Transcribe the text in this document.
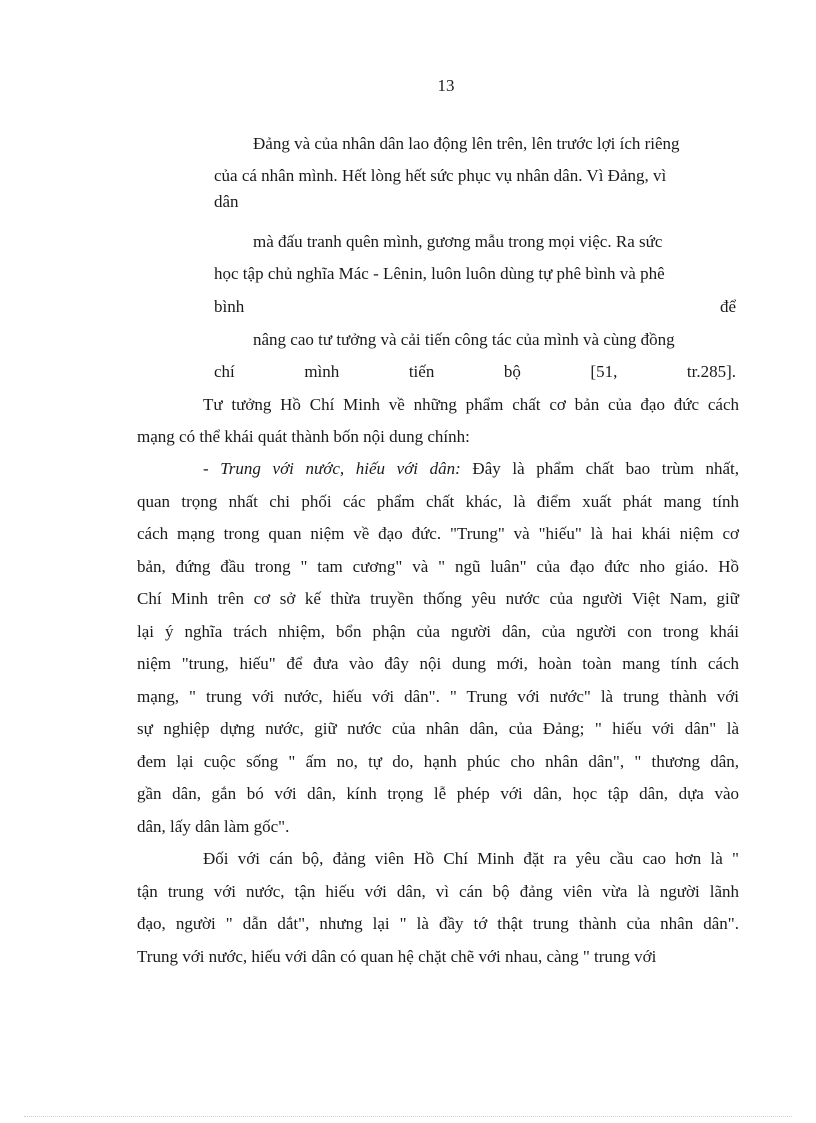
13
Đảng và của nhân dân lao động lên trên, lên trước lợi ích riêng
của cá nhân mình. Hết lòng hết sức phục vụ nhân dân. Vì Đảng, vì
dân
mà đấu tranh quên mình, gương mẫu trong mọi việc. Ra sức
học tập chủ nghĩa Mác - Lênin, luôn luôn dùng tự phê bình và phê
bình	để
nâng cao tư tưởng và cải tiến công tác của mình và cùng đồng
chí	mình	tiến	bộ	[51,	tr.285].
Tư tưởng Hồ Chí Minh về những phẩm chất cơ bản của đạo đức cách
mạng có thể khái quát thành bốn nội dung chính:
- Trung với nước, hiếu với dân: Đây là phẩm chất bao trùm nhất,
quan trọng nhất chi phối các phẩm chất khác, là điểm xuất phát mang tính
cách mạng trong quan niệm về đạo đức. "Trung" và "hiếu" là hai khái niệm cơ
bản, đứng đầu trong " tam cương" và " ngũ luân" của đạo đức nho giáo. Hồ
Chí Minh trên cơ sở kế thừa truyền thống yêu nước của người Việt Nam, giữ
lại ý nghĩa trách nhiệm, bổn phận của người dân, của người con trong khái
niệm "trung, hiếu" để đưa vào đây nội dung mới, hoàn toàn mang tính cách
mạng, " trung với nước, hiếu với dân". " Trung với nước" là trung thành với
sự nghiệp dựng nước, giữ nước của nhân dân, của Đảng; " hiếu với dân" là
đem lại cuộc sống " ấm no, tự do, hạnh phúc cho nhân dân", " thương dân,
gần dân, gắn bó với dân, kính trọng lễ phép với dân, học tập dân, dựa vào
dân, lấy dân làm gốc".
Đối với cán bộ, đảng viên Hồ Chí Minh đặt ra yêu cầu cao hơn là "
tận trung với nước, tận hiếu với dân, vì cán bộ đảng viên vừa là người lãnh
đạo, người " dẫn dắt", nhưng lại " là đầy tớ thật trung thành của nhân dân".
Trung với nước, hiếu với dân có quan hệ chặt chẽ với nhau, càng " trung với
